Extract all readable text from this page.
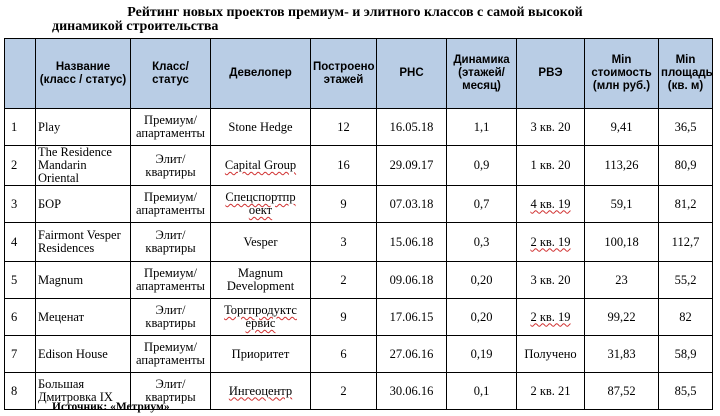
Рейтинг новых проектов премиум- и элитного классов с самой высокой
динамикой строительства
	Название (класс / статус)	Класс/ статус	Девелопер	Построено этажей	РНС	Динамика (этажей/ месяц)	РВЭ	Min стоимость (млн руб.)	Min площадь (кв. м)
1	Play	Премиум/ апартаменты	Stone Hedge	12	16.05.18	1,1	3 кв. 20	9,41	36,5
2	The Residence Mandarin Oriental	Элит/ квартиры	Capital Group	16	29.09.17	0,9	1 кв. 20	113,26	80,9
3	БОР	Премиум/ апартаменты	Спецспортпр оект	9	07.03.18	0,7	4 кв. 19	59,1	81,2
4	Fairmont Vesper Residences	Элит/ квартиры	Vesper	3	15.06.18	0,3	2 кв. 19	100,18	112,7
5	Magnum	Премиум/ апартаменты	Magnum Development	2	09.06.18	0,20	3 кв. 20	23	55,2
6	Меценат	Элит/ квартиры	Торгпродуктс ервис	9	17.06.15	0,20	2 кв. 19	99,22	82
7	Edison House	Премиум/ апартаменты	Приоритет	6	27.06.16	0,19	Получено	31,83	58,9
8	Большая Дмитровка IX	Элит/ квартиры	Ингеоцентр	2	30.06.16	0,1	2 кв. 21	87,52	85,5
Источник: «Метриум»
